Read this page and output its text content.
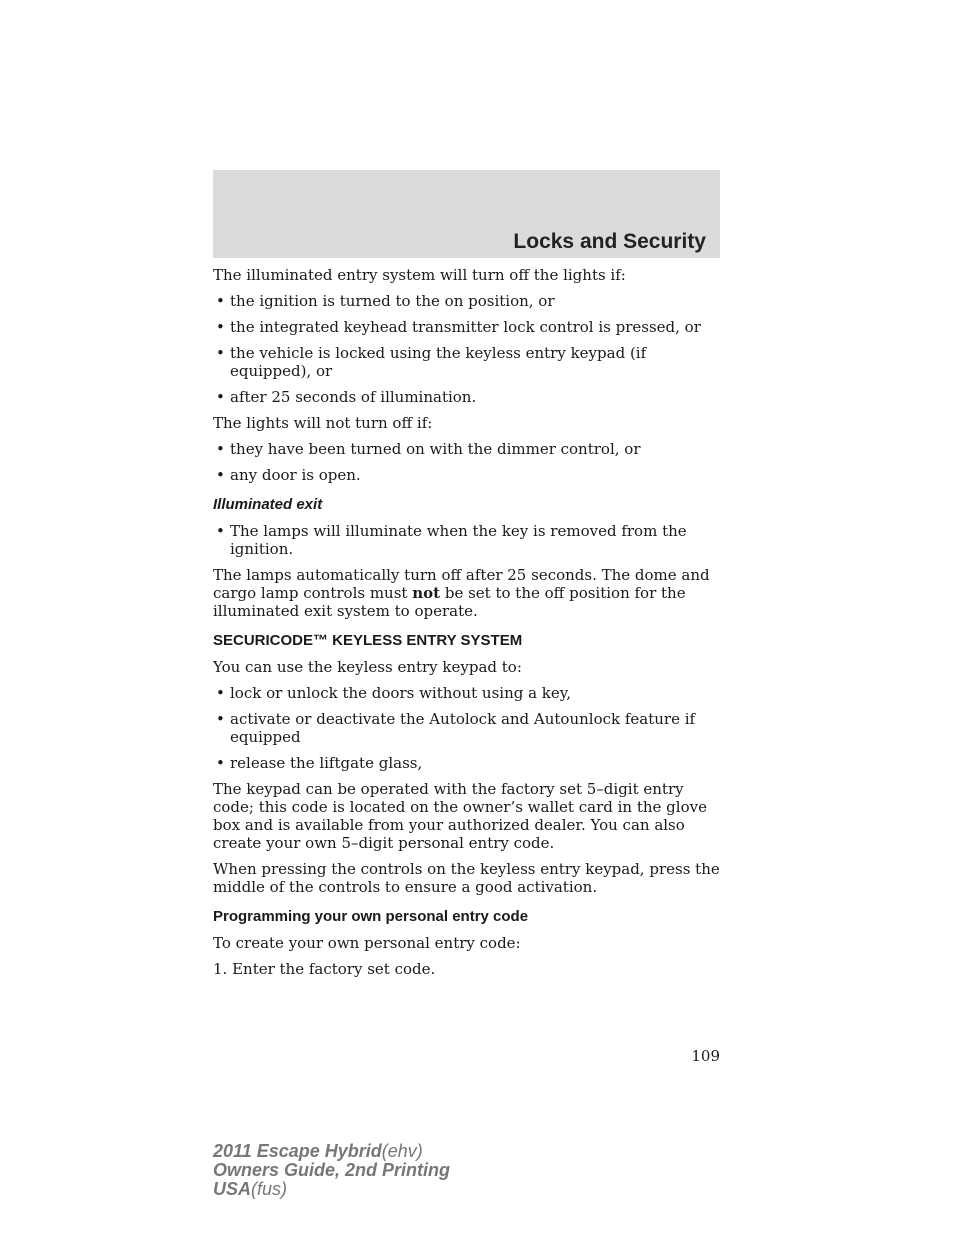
Locks and Security

The illuminated entry system will turn off the lights if:

• the ignition is turned to the on position, or
• the integrated keyhead transmitter lock control is pressed, or
• the vehicle is locked using the keyless entry keypad (if equipped), or
• after 25 seconds of illumination.

The lights will not turn off if:

• they have been turned on with the dimmer control, or
• any door is open.
Illuminated exit
• The lamps will illuminate when the key is removed from the ignition.

The lamps automatically turn off after 25 seconds. The dome and cargo lamp controls must not be set to the off position for the illuminated exit system to operate.

SECURICODE™ KEYLESS ENTRY SYSTEM

You can use the keyless entry keypad to:

• lock or unlock the doors without using a key,
• activate or deactivate the Autolock and Autounlock feature if equipped
• release the liftgate glass,

The keypad can be operated with the factory set 5–digit entry code; this code is located on the owner’s wallet card in the glove box and is available from your authorized dealer. You can also create your own 5–digit personal entry code.

When pressing the controls on the keyless entry keypad, press the middle of the controls to ensure a good activation.

Programming your own personal entry code

To create your own personal entry code:

1. Enter the factory set code.

109
2011 Escape Hybrid(ehv)
Owners Guide, 2nd Printing
USA(fus)
